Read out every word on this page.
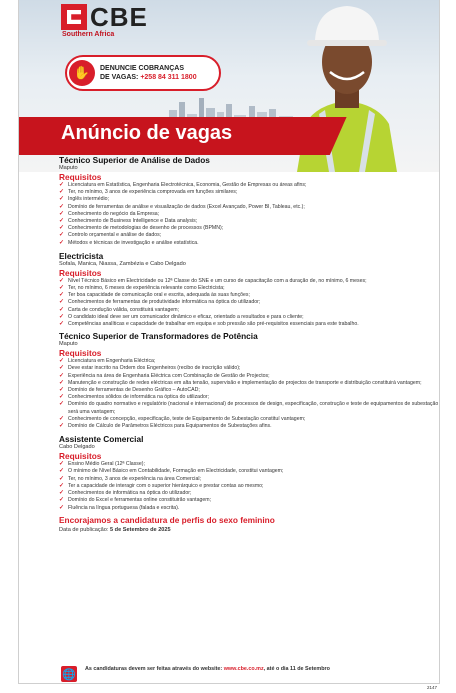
CBE
Southern Africa
✋	DENUNCIE COBRANÇAS
DE VAGAS: +258 84 311 1800
Anúncio de vagas
Técnico Superior de Análise de Dados
Maputo
Requisitos
✓ Licenciatura em Estatística, Engenharia Electrotécnica, Economia, Gestão de Empresas ou áreas afins;
✓ Ter, no mínimo, 3 anos de experiência comprovada em funções similares;
✓ Inglês intermédio;
✓ Domínio de ferramentas de análise e visualização de dados (Excel Avançado, Power BI, Tableau, etc.);
✓ Conhecimento do negócio da Empresa;
✓ Conhecimento de Business Intelligence e Data analysis;
✓ Conhecimento de metodologias de desenho de processos (BPMN);
✓ Controlo orçamental e análise de dados;
✓ Métodos e técnicas de investigação e análise estatística.
Electricista
Sofala, Manica, Niassa, Zambézia e Cabo Delgado
Requisitos
✓ Nível Técnico Básico em Electricidade ou 12ª Classe do SNE e um curso de capacitação com a duração de, no mínimo, 6 meses;
✓ Ter, no mínimo, 6 meses de experiência relevante como Electricista;
✓ Ter boa capacidade de comunicação oral e escrita, adequada às suas funções;
✓ Conhecimentos de ferramentas de produtividade informática na óptica do utilizador;
✓ Carta de condução válida, constituirá vantagem;
✓ O candidato ideal deve ser um comunicador dinâmico e eficaz, orientado a resultados e para o cliente;
✓ Competências analíticas e capacidade de trabalhar em equipa e sob pressão são pré-requisitos essenciais para este trabalho.
Técnico Superior de Transformadores de Potência
Maputo
Requisitos
✓ Licenciatura em Engenharia Eléctrica;
✓ Deve estar inscrito na Ordem dos Engenheiros (recibo de inscrição válido);
✓ Experiência na área de Engenharia Eléctrica com Combinação de Gestão de Projectos;
✓ Manutenção e construção de redes eléctricas em alta tensão, supervisão e implementação de projectos de transporte e distribuição constituirá vantagem;
✓ Domínio de ferramentas de Desenho Gráfico – AutoCAD;
✓ Conhecimentos sólidos de informática na óptica do utilizador;
✓ Domínio do quadro normativo e regulatório (nacional e internacional) de processos de design, especificação, construção e teste de equipamentos de subestação será uma vantagem;
✓ Conhecimento de concepção, especificação, teste de Equipamento de Subestação constituí vantagem;
✓ Domínio de Cálculo de Parâmetros Eléctricos para Equipamentos de Subestações afins.
Assistente Comercial
Cabo Delgado
Requisitos
✓ Ensino Médio Geral (12ª Classe);
✓ O mínimo de Nível Básico em Contabilidade, Formação em Electricidade, constitui vantagem;
✓ Ter, no mínimo, 3 anos de experiência na área Comercial;
✓ Ter a capacidade de interagir com o superior hierárquico e prestar contas ao mesmo;
✓ Conhecimentos de informática na óptica do utilizador;
✓ Domínio do Excel e ferramentas online constituirão vantagem;
✓ Fluência na língua portuguesa (falada e escrita).
Encorajamos a candidatura de perfis do sexo feminino
Data de publicação: 5 de Setembro de 2025
🌐 As candidaturas devem ser feitas através do website: www.cbe.co.mz, até o dia 11 de Setembro
2147
